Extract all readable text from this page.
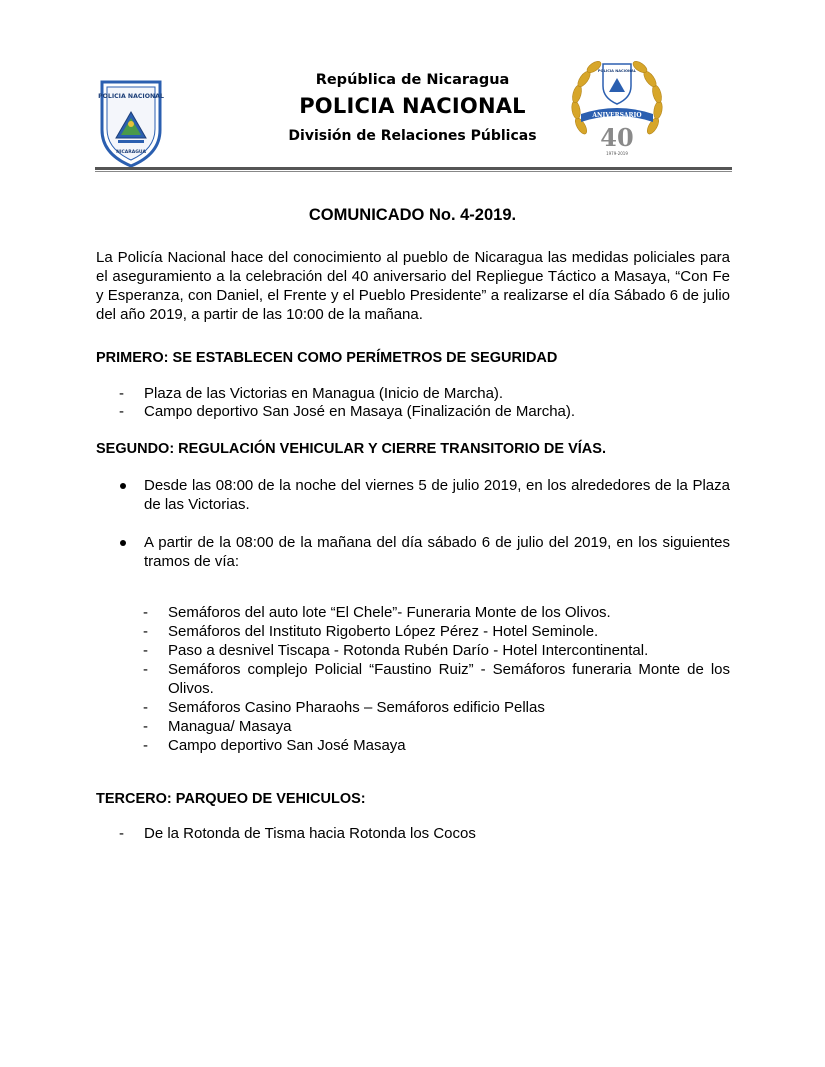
POLICIA NACIONAL
NICARAGUA
República de Nicaragua
POLICIA NACIONAL
División de Relaciones Públicas
POLICIA NACIONAL
ANIVERSARIO
40
1979-2019
COMUNICADO No. 4-2019.
La Policía Nacional hace del conocimiento al pueblo de Nicaragua las medidas policiales para el aseguramiento a la celebración del 40 aniversario del Repliegue Táctico a Masaya, “Con Fe y Esperanza, con Daniel, el Frente y el Pueblo Presidente” a realizarse el día Sábado 6 de julio del año 2019, a partir de las 10:00 de la mañana.
PRIMERO: SE ESTABLECEN COMO PERÍMETROS DE SEGURIDAD
- Plaza de las Victorias en Managua (Inicio de Marcha).
- Campo deportivo San José en Masaya (Finalización de Marcha).
SEGUNDO: REGULACIÓN VEHICULAR Y CIERRE TRANSITORIO DE VÍAS.
Desde las 08:00 de la noche del viernes 5 de julio 2019, en los alrededores de la Plaza de las Victorias.
A partir de la 08:00 de la mañana del día sábado 6 de julio del 2019, en los siguientes tramos de vía:
- Semáforos del auto lote “El Chele”- Funeraria Monte de los Olivos.
- Semáforos del Instituto Rigoberto López Pérez - Hotel Seminole.
- Paso a desnivel Tiscapa - Rotonda Rubén Darío - Hotel Intercontinental.
- Semáforos complejo Policial “Faustino Ruiz” - Semáforos funeraria Monte de los Olivos.
- Semáforos Casino Pharaohs – Semáforos edificio Pellas
- Managua/ Masaya
- Campo deportivo San José Masaya
TERCERO: PARQUEO DE VEHICULOS:
- De la Rotonda de Tisma hacia Rotonda los Cocos
